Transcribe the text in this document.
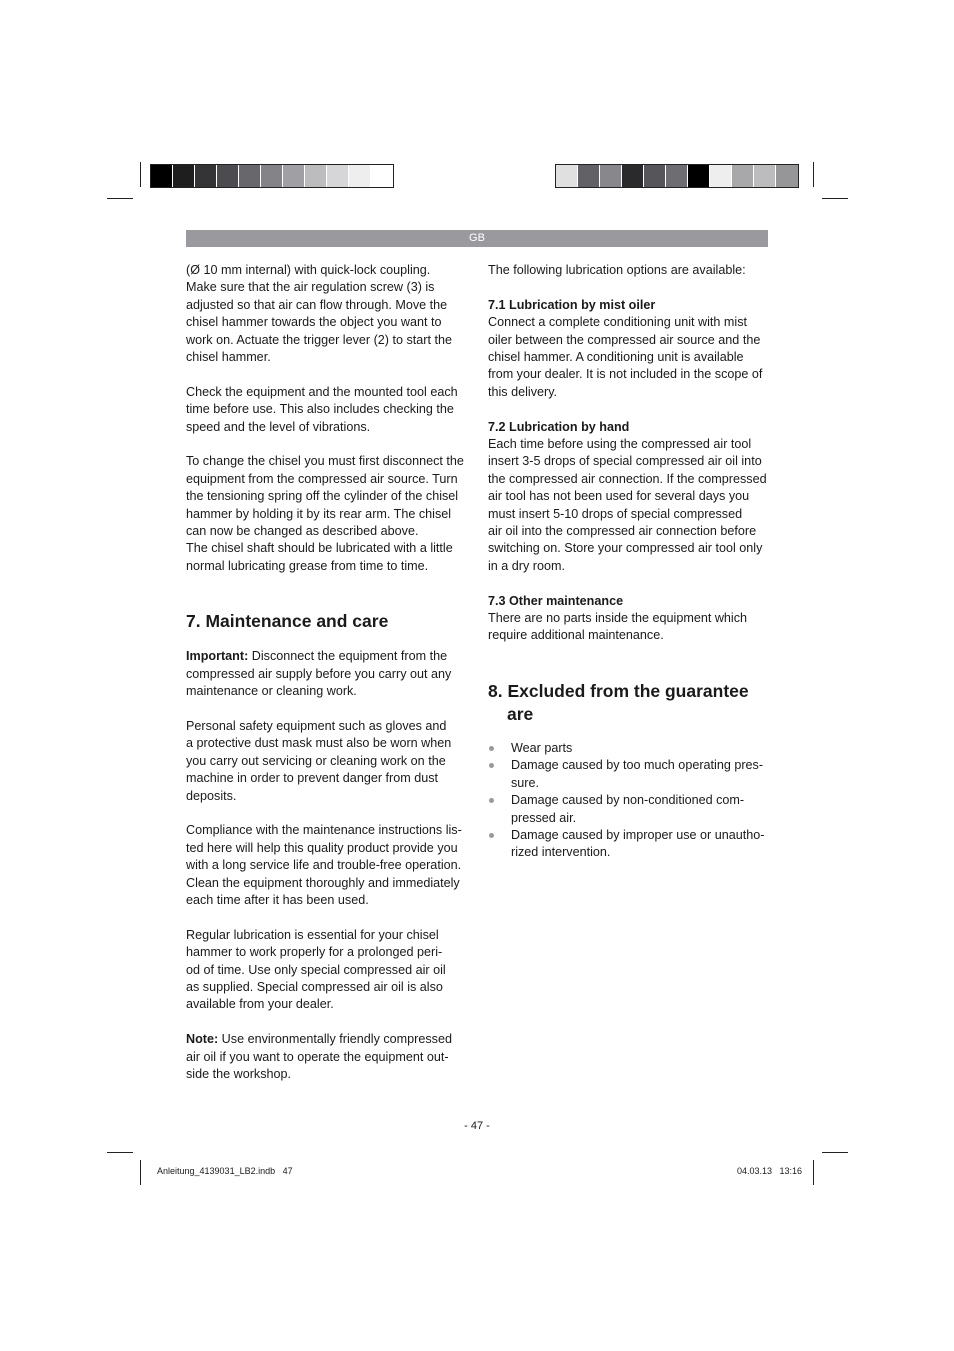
GB

(Ø 10 mm internal) with quick-lock coupling.
Make sure that the air regulation screw (3) is
adjusted so that air can flow through. Move the
chisel hammer towards the object you want to
work on. Actuate the trigger lever (2) to start the
chisel hammer.

Check the equipment and the mounted tool each
time before use. This also includes checking the
speed and the level of vibrations.

To change the chisel you must first disconnect the
equipment from the compressed air source. Turn
the tensioning spring off the cylinder of the chisel
hammer by holding it by its rear arm. The chisel
can now be changed as described above.
The chisel shaft should be lubricated with a little
normal lubricating grease from time to time.

7. Maintenance and care

Important: Disconnect the equipment from the
compressed air supply before you carry out any
maintenance or cleaning work.

Personal safety equipment such as gloves and
a protective dust mask must also be worn when
you carry out servicing or cleaning work on the
machine in order to prevent danger from dust
deposits.

Compliance with the maintenance instructions lis-
ted here will help this quality product provide you
with a long service life and trouble-free operation.
Clean the equipment thoroughly and immediately
each time after it has been used.

Regular lubrication is essential for your chisel
hammer to work properly for a prolonged peri-
od of time. Use only special compressed air oil
as supplied. Special compressed air oil is also
available from your dealer.

Note: Use environmentally friendly compressed
air oil if you want to operate the equipment out-
side the workshop.

The following lubrication options are available:

7.1 Lubrication by mist oiler

Connect a complete conditioning unit with mist
oiler between the compressed air source and the
chisel hammer. A conditioning unit is available
from your dealer. It is not included in the scope of
this delivery.

7.2 Lubrication by hand

Each time before using the compressed air tool
insert 3-5 drops of special compressed air oil into
the compressed air connection. If the compressed
air tool has not been used for several days you
must insert 5-10 drops of special compressed
air oil into the compressed air connection before
switching on. Store your compressed air tool only
in a dry room.

7.3 Other maintenance

There are no parts inside the equipment which
require additional maintenance.

8. Excluded from the guarantee
are
Wear parts
Damage caused by too much operating pres-
sure.
Damage caused by non-conditioned com-
pressed air.
Damage caused by improper use or unautho-
rized intervention.
- 47 -
Anleitung_4139031_LB2.indb   47	04.03.13   13:16
